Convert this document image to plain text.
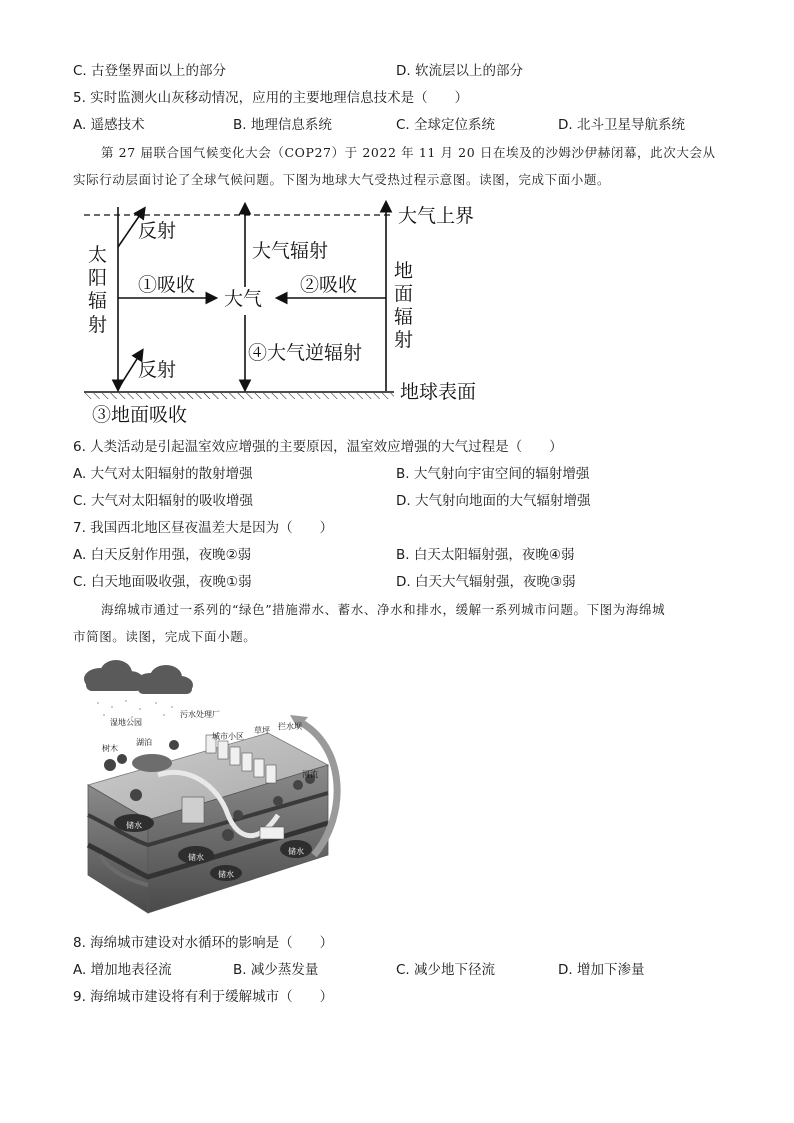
C. 古登堡界面以上的部分	D. 软流层以上的部分
5. 实时监测火山灰移动情况，应用的主要地理信息技术是（　　）
A. 遥感技术	B. 地理信息系统	C. 全球定位系统	D. 北斗卫星导航系统
第 27 届联合国气候变化大会（COP27）于 2022 年 11 月 20 日在埃及的沙姆沙伊赫闭幕，此次大会从
实际行动层面讨论了全球气候问题。下图为地球大气受热过程示意图。读图，完成下面小题。
大气上界
反射
太
阳
辐
射
①吸收
大气
大气辐射
②吸收
④大气逆辐射
地
面
辐
射
反射
地球表面
③地面吸收
6. 人类活动是引起温室效应增强的主要原因，温室效应增强的大气过程是（　　）
A. 大气对太阳辐射的散射增强	B. 大气射向宇宙空间的辐射增强
C. 大气对太阳辐射的吸收增强	D. 大气射向地面的大气辐射增强
7. 我国西北地区昼夜温差大是因为（　　）
A. 白天反射作用强，夜晚②弱	B. 白天太阳辐射强，夜晚④弱
C. 白天地面吸收强，夜晚①弱	D. 白天大气辐射强，夜晚③弱
海绵城市通过一系列的“绿色”措施滞水、蓄水、净水和排水，缓解一系列城市问题。下图为海绵城
市简图。读图，完成下面小题。
湿地公园
树木
湖泊
污水处理厂
城市小区
草坪 拦水坝
河流
储水
储水
储水
储水
8. 海绵城市建设对水循环的影响是（　　）
A. 增加地表径流	B. 减少蒸发量	C. 减少地下径流	D. 增加下渗量
9. 海绵城市建设将有利于缓解城市（　　）
